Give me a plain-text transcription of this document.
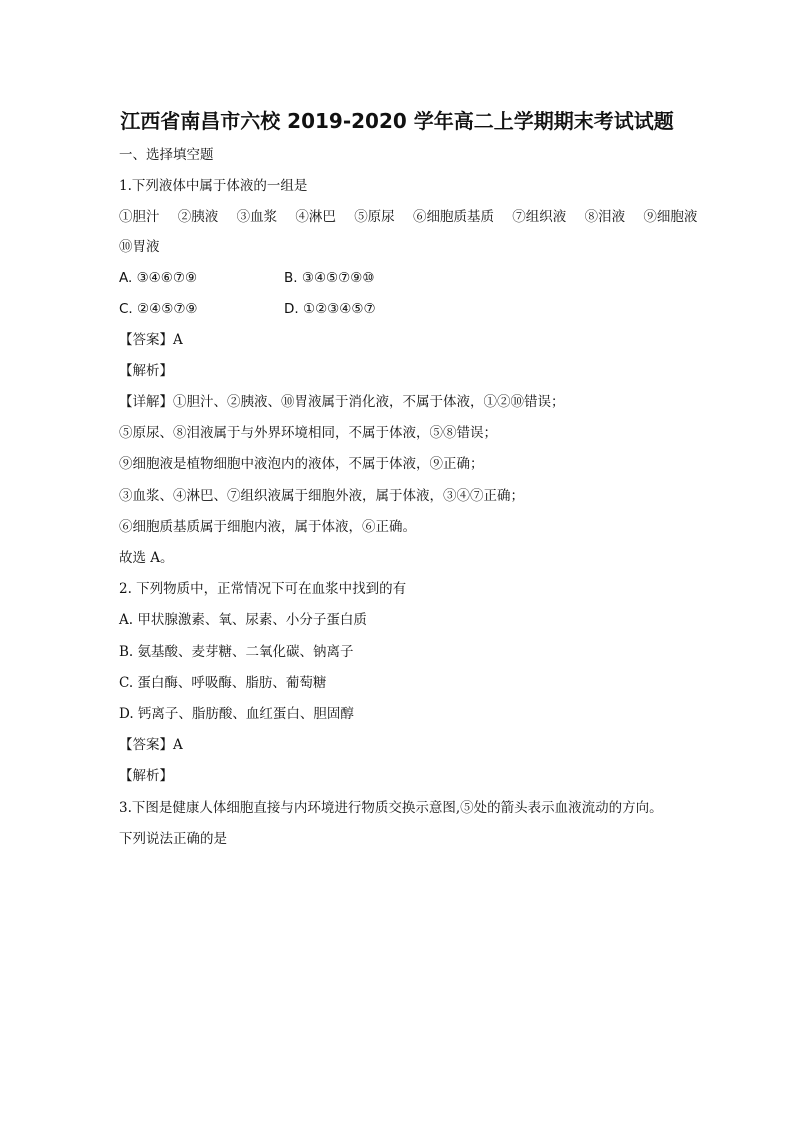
江西省南昌市六校 2019-2020 学年高二上学期期末考试试题
一、选择填空题
1.下列液体中属于体液的一组是
①胆汁 ②胰液 ③血浆 ④淋巴 ⑤原尿 ⑥细胞质基质 ⑦组织液 ⑧泪液 ⑨细胞液
⑩胃液
A. ③④⑥⑦⑨	B. ③④⑤⑦⑨⑩
C. ②④⑤⑦⑨	D. ①②③④⑤⑦
【答案】A
【解析】
【详解】①胆汁、②胰液、⑩胃液属于消化液，不属于体液，①②⑩错误；
⑤原尿、⑧泪液属于与外界环境相同，不属于体液，⑤⑧错误；
⑨细胞液是植物细胞中液泡内的液体，不属于体液，⑨正确；
③血浆、④淋巴、⑦组织液属于细胞外液，属于体液，③④⑦正确；
⑥细胞质基质属于细胞内液，属于体液，⑥正确。
故选 A。
2. 下列物质中，正常情况下可在血浆中找到的有
A. 甲状腺激素、氧、尿素、小分子蛋白质
B. 氨基酸、麦芽糖、二氧化碳、钠离子
C. 蛋白酶、呼吸酶、脂肪、葡萄糖
D. 钙离子、脂肪酸、血红蛋白、胆固醇
【答案】A
【解析】
3.下图是健康人体细胞直接与内环境进行物质交换示意图,⑤处的箭头表示血液流动的方向。
下列说法正确的是
